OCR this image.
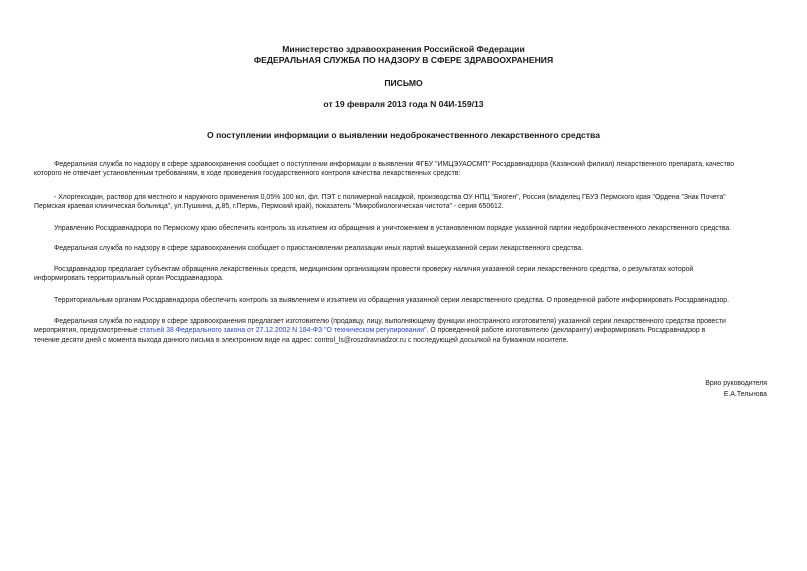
Министерство здравоохранения Российской Федерации
ФЕДЕРАЛЬНАЯ СЛУЖБА ПО НАДЗОРУ В СФЕРЕ ЗДРАВООХРАНЕНИЯ
ПИСЬМО
от 19 февраля 2013 года N 04И-159/13
О поступлении информации о выявлении недоброкачественного лекарственного средства
Федеральная служба по надзору в сфере здравоохранения сообщает о поступлении информации о выявлении ФГБУ "ИМЦЭУАОСМП" Росздравнадзора (Казанский филиал) лекарственного препарата, качество
которого не отвечает установленным требованиям, в ходе проведения государственного контроля качества лекарственных средств:
- Хлоргексидин, раствор для местного и наружного применения 0,05% 100 мл, фл. ПЭТ с полимерной насадкой, производства ОУ НПЦ "Биоген", Россия (владелец ГБУЗ Пермского края "Ордена "Знак Почета"
Пермская краевая клиническая больница", ул.Пушкина, д.85, г.Пермь, Пермский край), показатель "Микробиологическая чистота" - серия 650612.
Управлению Росздравнадзора по Пермскому краю обеспечить контроль за изъятием из обращения и уничтожением в установленном порядке указанной партии недоброкачественного лекарственного средства.
Федеральная служба по надзору в сфере здравоохранения сообщает о приостановлении реализации иных партий вышеуказанной серии лекарственного средства.
Росздравнадзор предлагает субъектам обращения лекарственных средств, медицинским организациям провести проверку наличия указанной серии лекарственного средства, о результатах которой
информировать территориальный орган Росздравнадзора.
Территориальным органам Росздравнадзора обеспечить контроль за выявлением и изъятием из обращения указанной серии лекарственного средства. О проведенной работе информировать Росздравнадзор.
Федеральная служба по надзору в сфере здравоохранения предлагает изготовителю (продавцу, лицу, выполняющему функции иностранного изготовителя) указанной серии лекарственного средства провести
мероприятия, предусмотренные статьей 38 Федерального закона от 27.12.2002 N 184-ФЗ "О техническом регулировании". О проведенной работе изготовителю (декларанту) информировать Росздравнадзор в
течение десяти дней с момента выхода данного письма в электронном виде на адрес: control_ls@roszdravnadzor.ru с последующей досылкой на бумажном носителе.
Врио руководителя
Е.А.Тельнова
